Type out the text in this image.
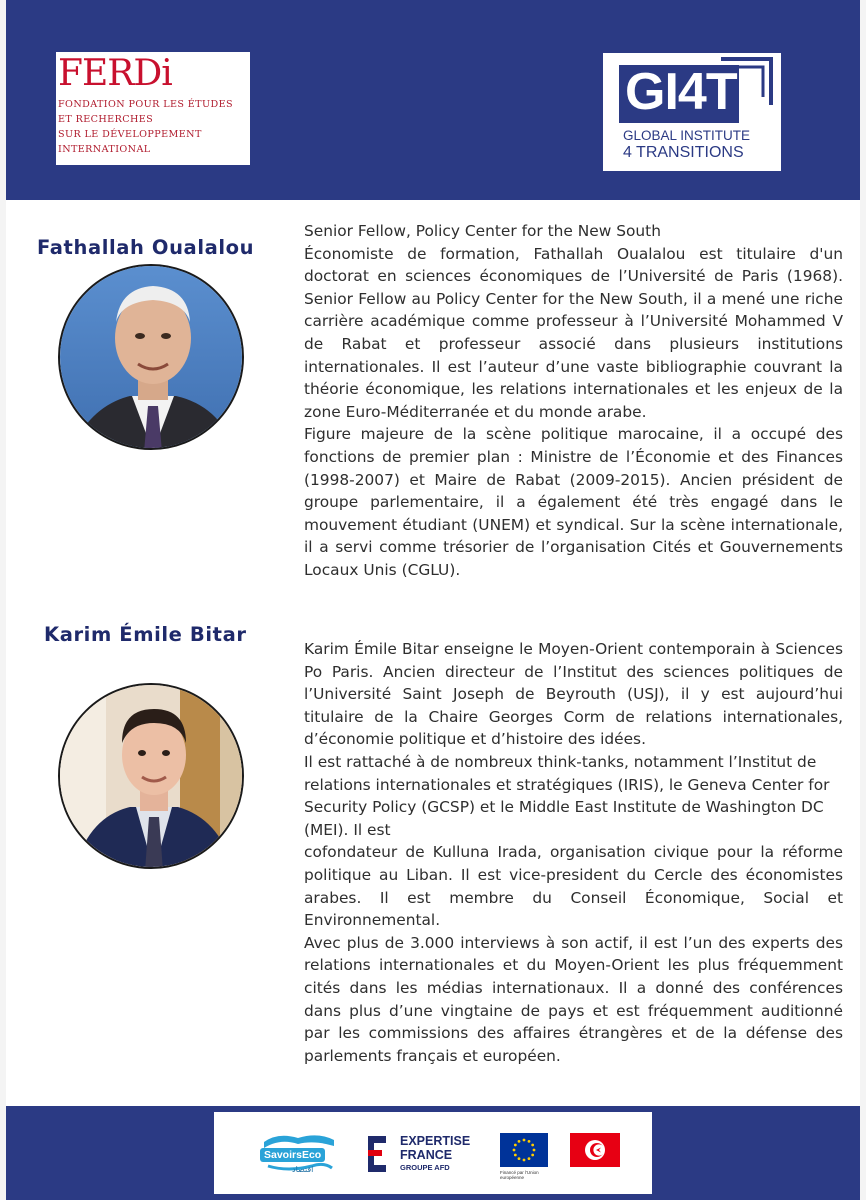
FERDi
FONDATION POUR LES ÉTUDES
ET RECHERCHES
SUR LE DÉVELOPPEMENT
INTERNATIONAL
GI4T
GLOBAL INSTITUTE
4 TRANSITIONS
Fathallah Oualalou

Senior Fellow, Policy Center for the New South

Économiste de formation, Fathallah Oualalou est titulaire d'un doctorat en sciences économiques de l’Université de Paris (1968). Senior Fellow au Policy Center for the New South, il a mené une riche carrière académique comme professeur à l’Université Mohammed V de Rabat et professeur associé dans plusieurs institutions internationales. Il est l’auteur d’une vaste bibliographie couvrant la théorie économique, les relations internationales et les enjeux de la zone Euro-Méditerranée et du monde arabe.

Figure majeure de la scène politique marocaine, il a occupé des fonctions de premier plan : Ministre de l’Économie et des Finances (1998-2007) et Maire de Rabat (2009-2015). Ancien président de groupe parlementaire, il a également été très engagé dans le mouvement étudiant (UNEM) et syndical. Sur la scène internationale, il a servi comme trésorier de l’organisation Cités et Gouvernements Locaux Unis (CGLU).

Karim Émile Bitar

Karim Émile Bitar enseigne le Moyen-Orient contemporain à Sciences Po Paris. Ancien directeur de l’Institut des sciences politiques de l’Université Saint Joseph de Beyrouth (USJ), il y est aujourd’hui titulaire de la Chaire Georges Corm de relations internationales, d’économie politique et d’histoire des idées.

Il est rattaché à de nombreux think-tanks, notamment l’Institut de relations internationales et stratégiques (IRIS), le Geneva Center for Security Policy (GCSP) et le Middle East Institute de Washington DC (MEI). Il est

cofondateur de Kulluna Irada, organisation civique pour la réforme politique au Liban. Il est vice-president du Cercle des économistes arabes. Il est membre du Conseil Économique, Social et Environnemental.

Avec plus de 3.000 interviews à son actif, il est l’un des experts des relations internationales et du Moyen-Orient les plus fréquemment cités dans les médias internationaux. Il a donné des conférences dans plus d’une vingtaine de pays et est fréquemment auditionné par les commissions des affaires étrangères et de la défense des parlements français et européen.

SavoirsEco
اقتصاد
EXPERTISE
FRANCE
GROUPE AFD
Financé par l'Union européenne
